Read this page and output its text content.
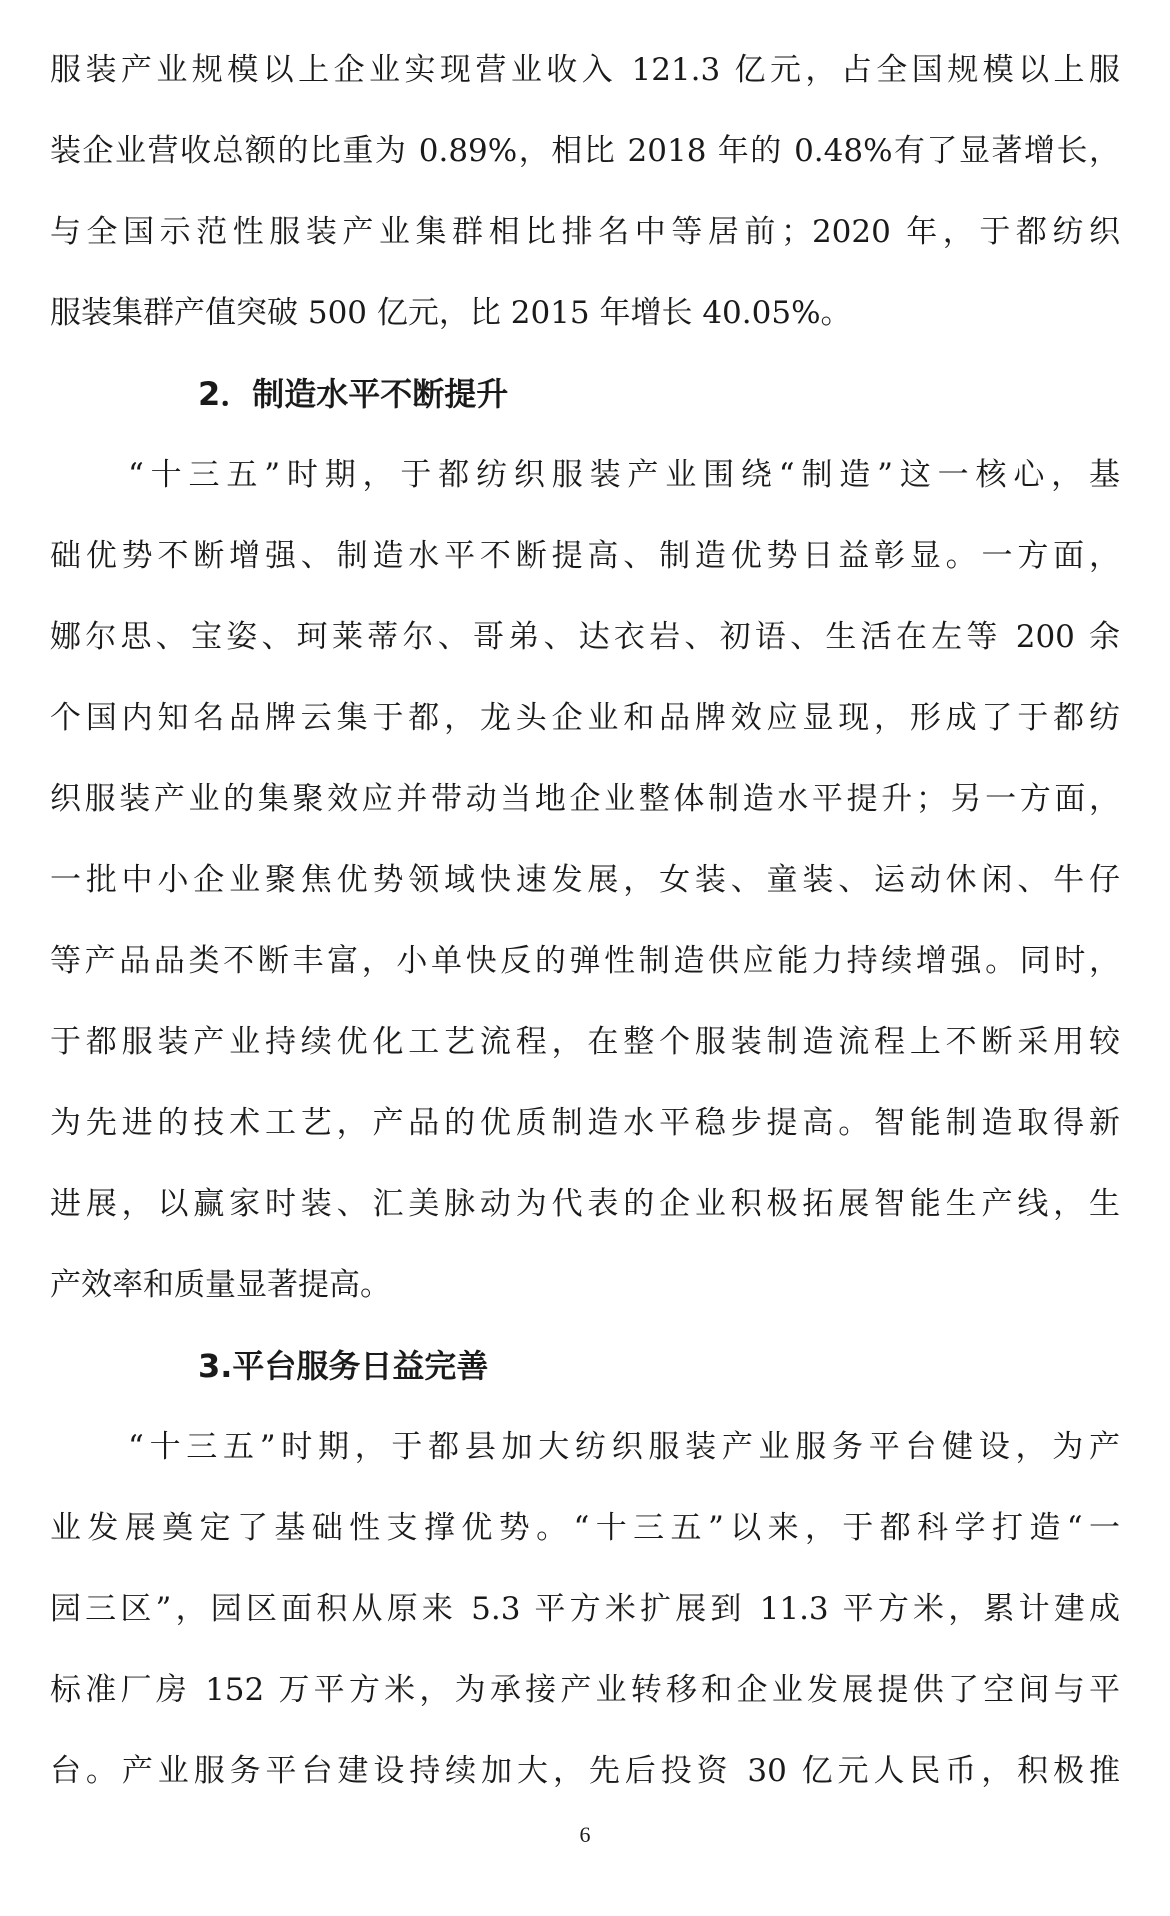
服装产业规模以上企业实现营业收入 121.3 亿元，占全国规模以上服
装企业营收总额的比重为 0.89%，相比 2018 年的 0.48%有了显著增长，
与全国示范性服装产业集群相比排名中等居前；2020 年，于都纺织
服装集群产值突破 500 亿元，比 2015 年增长 40.05%。
2．制造水平不断提升
“十三五”时期，于都纺织服装产业围绕“制造”这一核心，基
础优势不断增强、制造水平不断提高、制造优势日益彰显。一方面，
娜尔思、宝姿、珂莱蒂尔、哥弟、达衣岩、初语、生活在左等 200 余
个国内知名品牌云集于都，龙头企业和品牌效应显现，形成了于都纺
织服装产业的集聚效应并带动当地企业整体制造水平提升；另一方面，
一批中小企业聚焦优势领域快速发展，女装、童装、运动休闲、牛仔
等产品品类不断丰富，小单快反的弹性制造供应能力持续增强。同时，
于都服装产业持续优化工艺流程，在整个服装制造流程上不断采用较
为先进的技术工艺，产品的优质制造水平稳步提高。智能制造取得新
进展，以赢家时装、汇美脉动为代表的企业积极拓展智能生产线，生
产效率和质量显著提高。
3.平台服务日益完善
“十三五”时期，于都县加大纺织服装产业服务平台健设，为产
业发展奠定了基础性支撑优势。“十三五”以来，于都科学打造“一
园三区”，园区面积从原来 5.3 平方米扩展到 11.3 平方米，累计建成
标准厂房 152 万平方米，为承接产业转移和企业发展提供了空间与平
台。产业服务平台建设持续加大，先后投资 30 亿元人民币，积极推
6
